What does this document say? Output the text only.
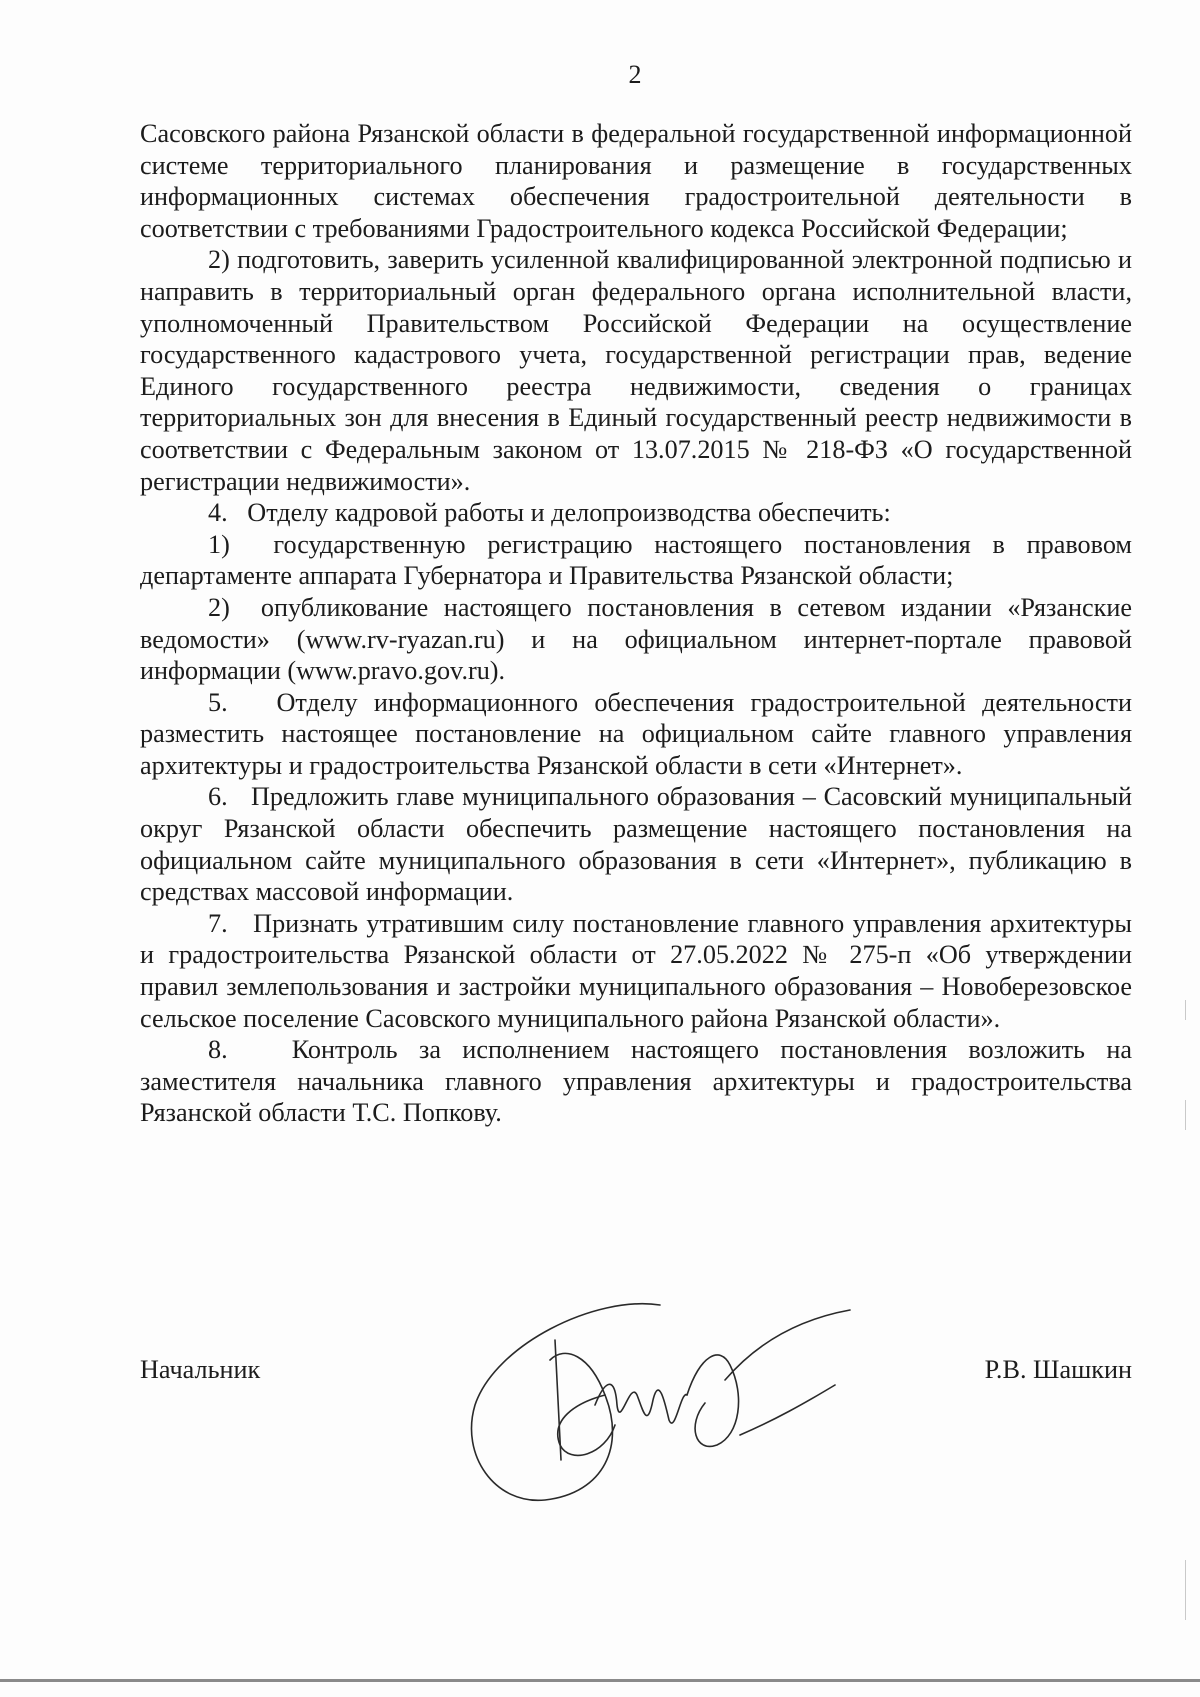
2

Сасовского района Рязанской области в федеральной государственной информационной системе территориального планирования и размещение в государственных информационных системах обеспечения градостроительной деятельности в соответствии с требованиями Градостроительного кодекса Российской Федерации;

2) подготовить, заверить усиленной квалифицированной электронной подписью и направить в территориальный орган федерального органа исполнительной власти, уполномоченный Правительством Российской Федерации на осуществление государственного кадастрового учета, государственной регистрации прав, ведение Единого государственного реестра недвижимости, сведения о границах территориальных зон для внесения в Единый государственный реестр недвижимости в соответствии с Федеральным законом от 13.07.2015 № 218-ФЗ «О государственной регистрации недвижимости».

4.   Отделу кадровой работы и делопроизводства обеспечить:

1)  государственную регистрацию настоящего постановления в правовом департаменте аппарата Губернатора и Правительства Рязанской области;

2)  опубликование настоящего постановления в сетевом издании «Рязанские ведомости» (www.rv-ryazan.ru) и на официальном интернет-портале правовой информации (www.pravo.gov.ru).

5.   Отделу информационного обеспечения градостроительной деятельности разместить настоящее постановление на официальном сайте главного управления архитектуры и градостроительства Рязанской области в сети «Интернет».

6.   Предложить главе муниципального образования – Сасовский муниципальный округ Рязанской области обеспечить размещение настоящего постановления на официальном сайте муниципального образования в сети «Интернет», публикацию в средствах массовой информации.

7.   Признать утратившим силу постановление главного управления архитектуры и градостроительства Рязанской области от 27.05.2022 № 275-п «Об утверждении правил землепользования и застройки муниципального образования – Новоберезовское сельское поселение Сасовского муниципального района Рязанской области».

8.   Контроль за исполнением настоящего постановления возложить на заместителя начальника главного управления архитектуры и градостроительства Рязанской области Т.С. Попкову.

Начальник	Р.В. Шашкин
